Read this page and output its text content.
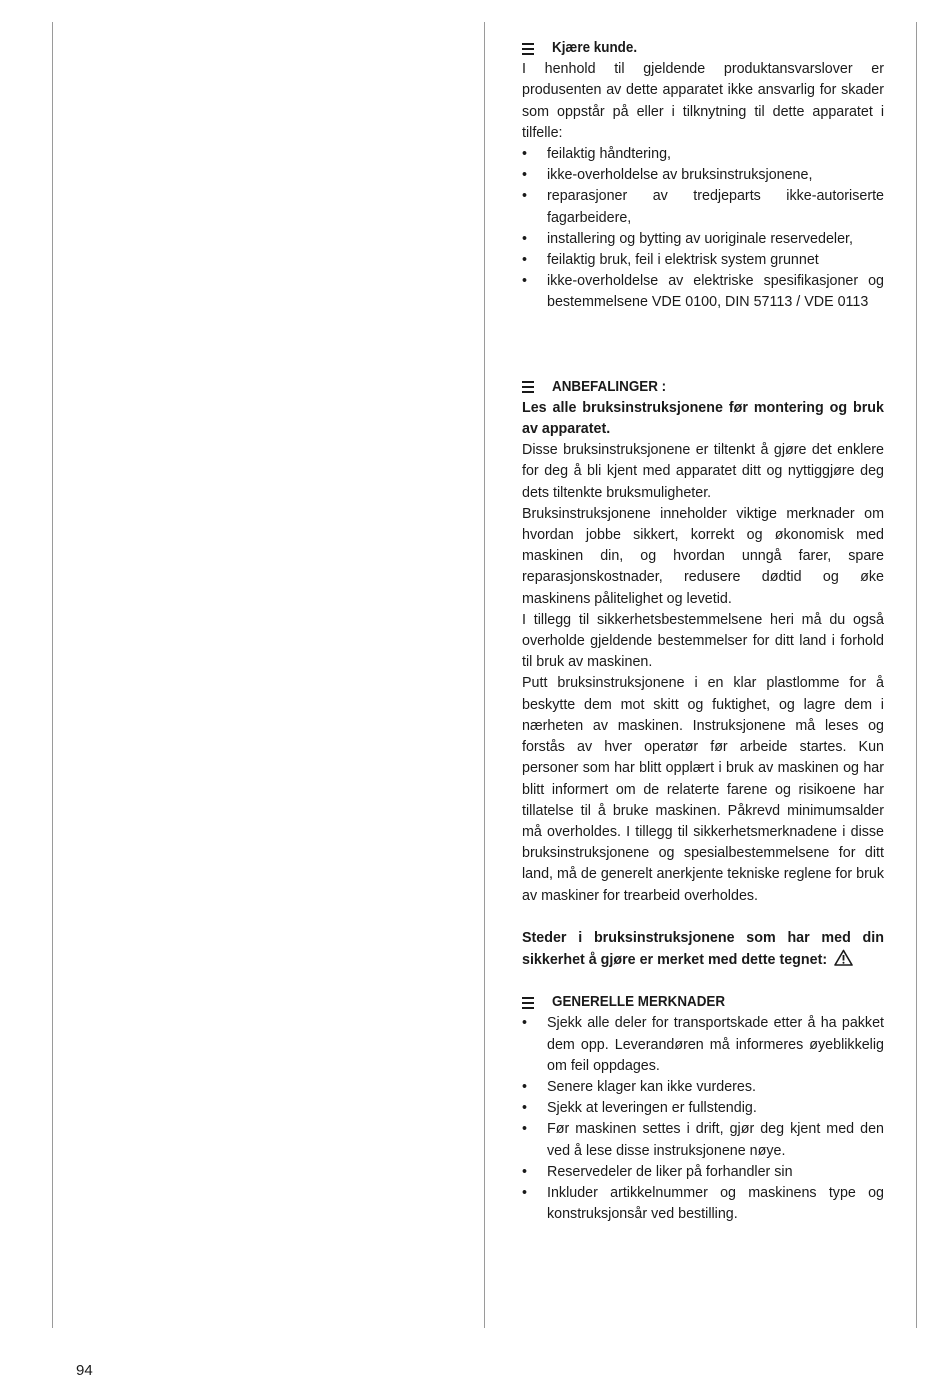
Kjære kunde.

I henhold til gjeldende produktansvarslover er produsenten av dette apparatet ikke ansvarlig for skader som oppstår på eller i tilknytning til dette apparatet i tilfelle:

• feilaktig håndtering,
• ikke-overholdelse av bruksinstruksjonene,
• reparasjoner av tredjeparts ikke-autoriserte fagarbeidere,
• installering og bytting av uoriginale reservedeler,
• feilaktig bruk, feil i elektrisk system grunnet
• ikke-overholdelse av elektriske spesifikasjoner og bestemmelsene VDE 0100, DIN 57113 / VDE 0113
ANBEFALINGER :

Les alle bruksinstruksjonene før montering og bruk av apparatet.

Disse bruksinstruksjonene er tiltenkt å gjøre det enklere for deg å bli kjent med apparatet ditt og nyttiggjøre deg dets tiltenkte bruksmuligheter.

Bruksinstruksjonene inneholder viktige merknader om hvordan jobbe sikkert, korrekt og økonomisk med maskinen din, og hvordan unngå farer, spare reparasjonskostnader, redusere dødtid og øke maskinens pålitelighet og levetid.

I tillegg til sikkerhetsbestemmelsene heri må du også overholde gjeldende bestemmelser for ditt land i forhold til bruk av maskinen.

Putt bruksinstruksjonene i en klar plastlomme for å beskytte dem mot skitt og fuktighet, og lagre dem i nærheten av maskinen. Instruksjonene må leses og forstås av hver operatør før arbeide startes. Kun personer som har blitt opplært i bruk av maskinen og har blitt informert om de relaterte farene og risikoene har tillatelse til å bruke maskinen. Påkrevd minimumsalder må overholdes. I tillegg til sikkerhetsmerknadene i disse bruksinstruksjonene og spesialbestemmelsene for ditt land, må de generelt anerkjente tekniske reglene for bruk av maskiner for trearbeid overholdes.

Steder i bruksinstruksjonene som har med din sikkerhet å gjøre er merket med dette tegnet:

GENERELLE MERKNADER
• Sjekk alle deler for transportskade etter å ha pakket dem opp. Leverandøren må informeres øyeblikkelig om feil oppdages.
• Senere klager kan ikke vurderes.
• Sjekk at leveringen er fullstendig.
• Før maskinen settes i drift, gjør deg kjent med den ved å lese disse instruksjonene nøye.
• Reservedeler de liker på forhandler sin
• Inkluder artikkelnummer og maskinens type og konstruksjonsår ved bestilling.
94
